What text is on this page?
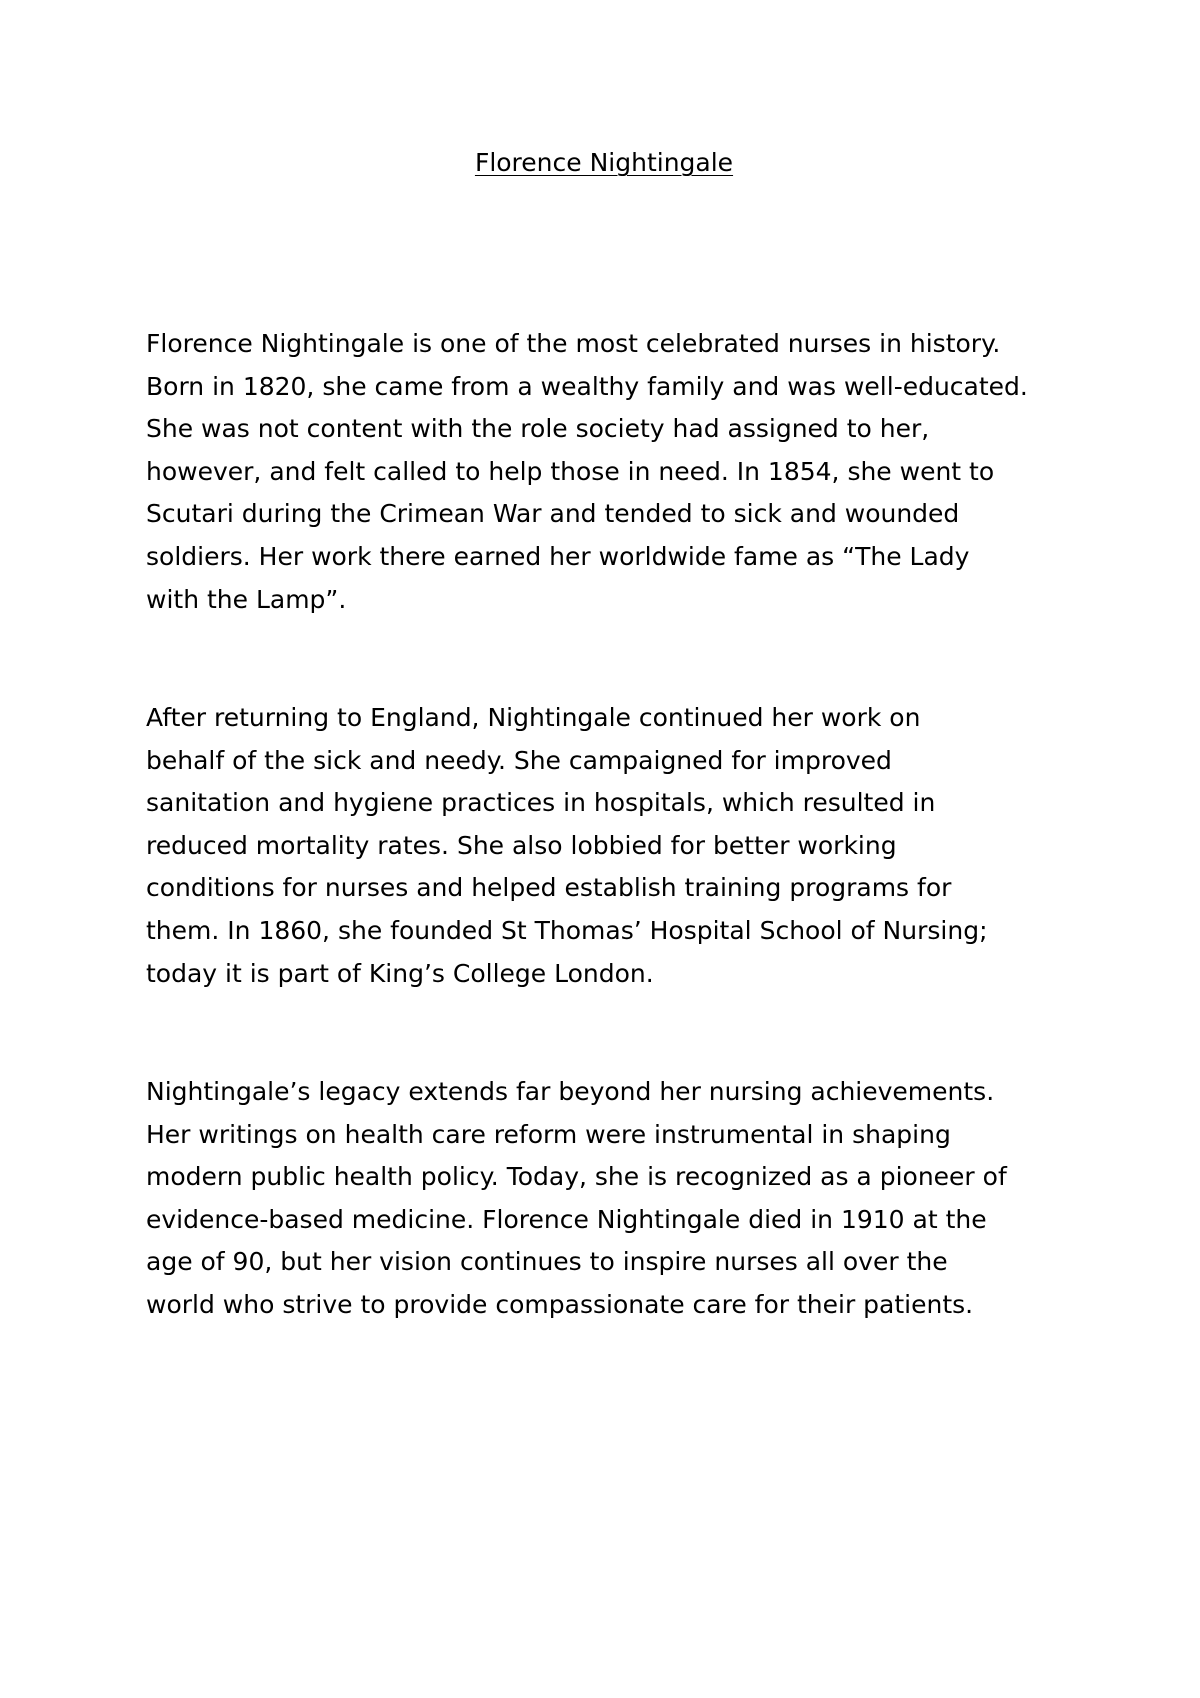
Florence Nightingale

Florence Nightingale is one of the most celebrated nurses in history.
Born in 1820, she came from a wealthy family and was well-educated.
She was not content with the role society had assigned to her,
however, and felt called to help those in need. In 1854, she went to
Scutari during the Crimean War and tended to sick and wounded
soldiers. Her work there earned her worldwide fame as “The Lady
with the Lamp”.

After returning to England, Nightingale continued her work on
behalf of the sick and needy. She campaigned for improved
sanitation and hygiene practices in hospitals, which resulted in
reduced mortality rates. She also lobbied for better working
conditions for nurses and helped establish training programs for
them. In 1860, she founded St Thomas’ Hospital School of Nursing;
today it is part of King’s College London.

Nightingale’s legacy extends far beyond her nursing achievements.
Her writings on health care reform were instrumental in shaping
modern public health policy. Today, she is recognized as a pioneer of
evidence-based medicine. Florence Nightingale died in 1910 at the
age of 90, but her vision continues to inspire nurses all over the
world who strive to provide compassionate care for their patients.
